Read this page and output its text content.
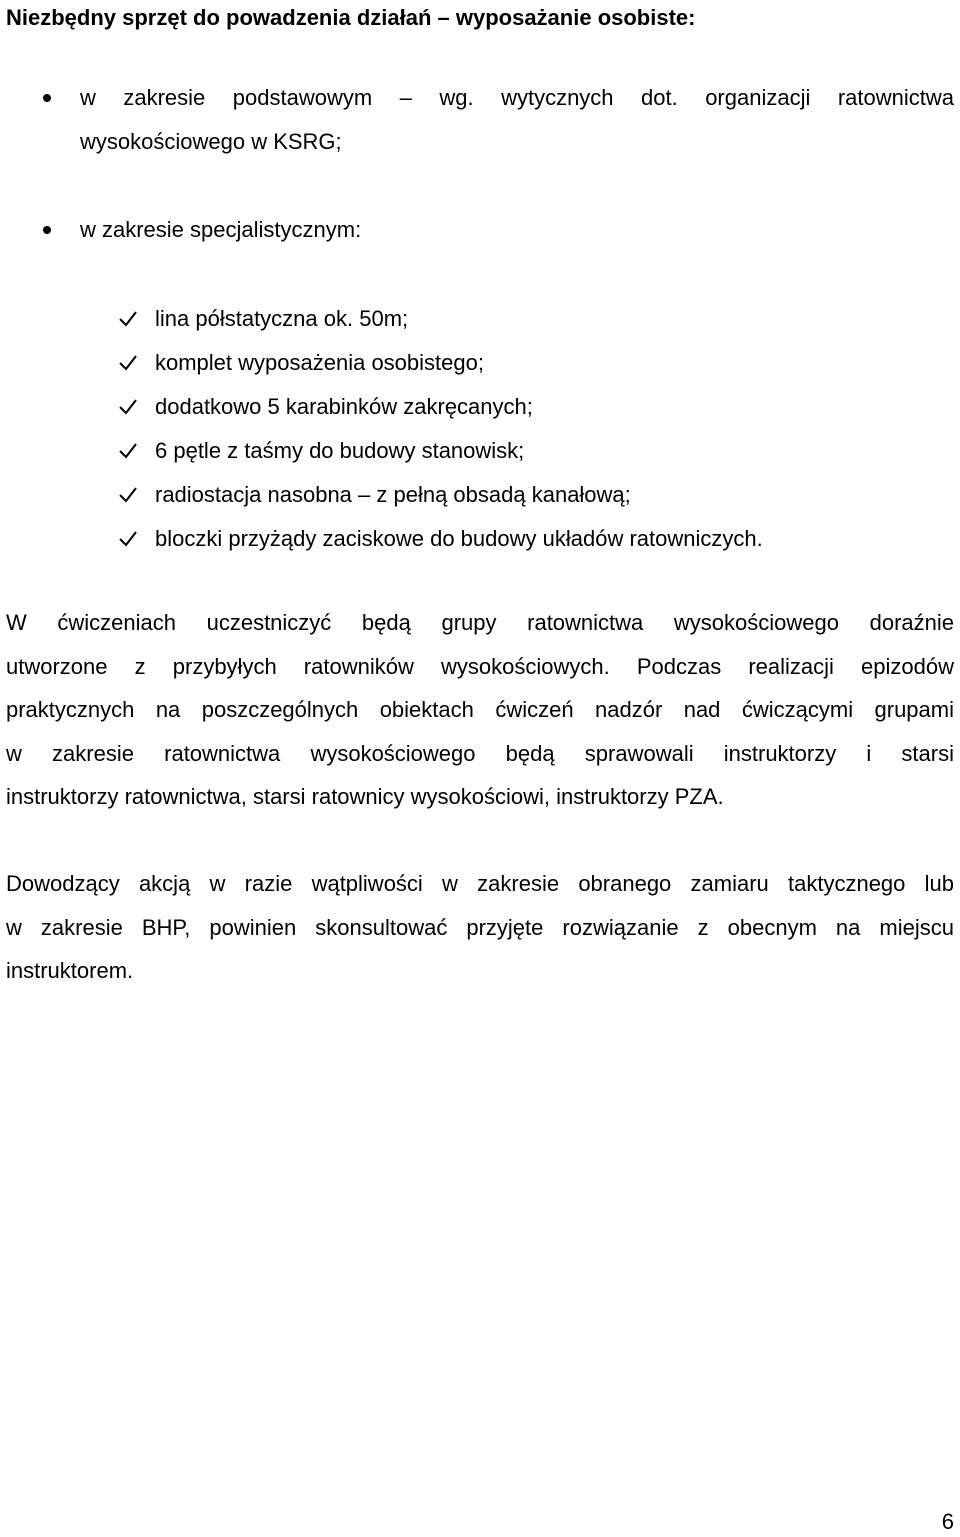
Niezbędny sprzęt do powadzenia działań – wyposażanie osobiste:
w zakresie podstawowym – wg. wytycznych dot. organizacji ratownictwa
wysokościowego w KSRG;
w zakresie specjalistycznym:
lina półstatyczna ok. 50m;
komplet wyposażenia osobistego;
dodatkowo 5 karabinków zakręcanych;
6 pętle z taśmy do budowy stanowisk;
radiostacja nasobna – z pełną obsadą kanałową;
bloczki przyżądy zaciskowe do budowy układów ratowniczych.
W ćwiczeniach uczestniczyć będą grupy ratownictwa wysokościowego doraźnie
utworzone z przybyłych ratowników wysokościowych. Podczas realizacji epizodów
praktycznych na poszczególnych obiektach ćwiczeń nadzór nad ćwiczącymi grupami
w zakresie ratownictwa wysokościowego będą sprawowali instruktorzy i starsi
instruktorzy ratownictwa, starsi ratownicy wysokościowi, instruktorzy PZA.
Dowodzący akcją w razie wątpliwości w zakresie obranego zamiaru taktycznego lub
w zakresie BHP, powinien skonsultować przyjęte rozwiązanie z obecnym na miejscu
instruktorem.
6
